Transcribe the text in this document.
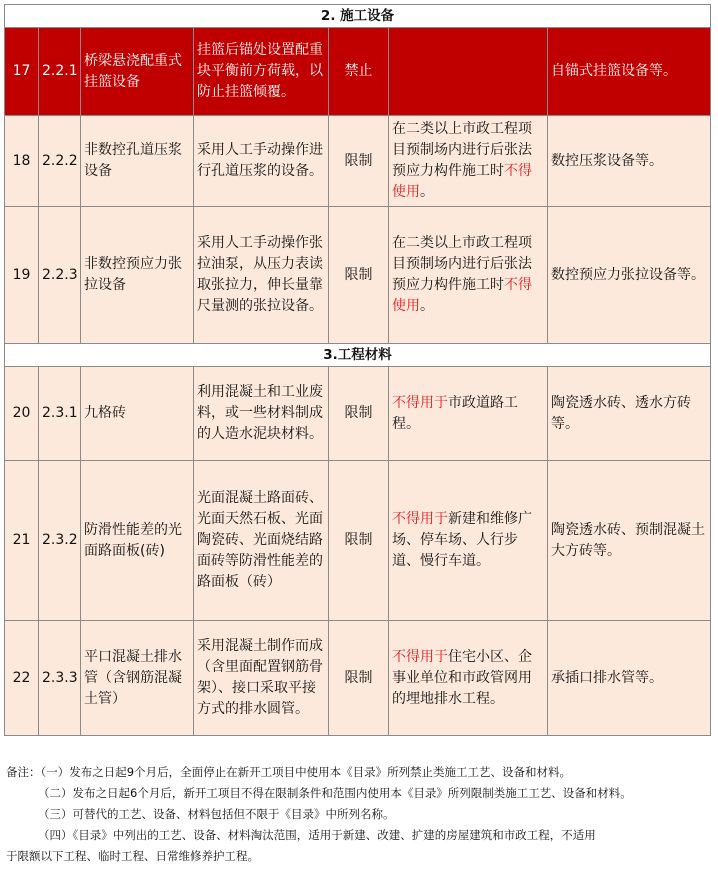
2. 施工设备						
17	2.2.1	桥梁悬浇配重式挂篮设备	挂篮后锚处设置配重块平衡前方荷载，以防止挂篮倾覆。	禁止		自锚式挂篮设备等。
18	2.2.2	非数控孔道压浆设备	采用人工手动操作进行孔道压浆的设备。	限制	在二类以上市政工程项目预制场内进行后张法预应力构件施工时不得使用。	数控压浆设备等。
19	2.2.3	非数控预应力张拉设备	采用人工手动操作张拉油泵，从压力表读取张拉力，伸长量靠尺量测的张拉设备。	限制	在二类以上市政工程项目预制场内进行后张法预应力构件施工时不得使用。	数控预应力张拉设备等。
3.工程材料						
20	2.3.1	九格砖	利用混凝土和工业废料，或一些材料制成的人造水泥块材料。	限制	不得用于市政道路工程。	陶瓷透水砖、透水方砖等。
21	2.3.2	防滑性能差的光面路面板(砖)	光面混凝土路面砖、光面天然石板、光面陶瓷砖、光面烧结路面砖等防滑性能差的路面板（砖）	限制	不得用于新建和维修广场、停车场、人行步道、慢行车道。	陶瓷透水砖、预制混凝土大方砖等。
22	2.3.3	平口混凝土排水管（含钢筋混凝土管）	采用混凝土制作而成（含里面配置钢筋骨架）、接口采取平接方式的排水圆管。	限制	不得用于住宅小区、企事业单位和市政管网用的埋地排水工程。	承插口排水管等。
备注：（一）发布之日起9个月后，全面停止在新开工项目中使用本《目录》所列禁止类施工工艺、设备和材料。
（二）发布之日起6个月后，新开工项目不得在限制条件和范围内使用本《目录》所列限制类施工工艺、设备和材料。
（三）可替代的工艺、设备、材料包括但不限于《目录》中所列名称。
（四）《目录》中列出的工艺、设备、材料淘汰范围，适用于新建、改建、扩建的房屋建筑和市政工程，不适用
于限额以下工程、临时工程、日常维修养护工程。
